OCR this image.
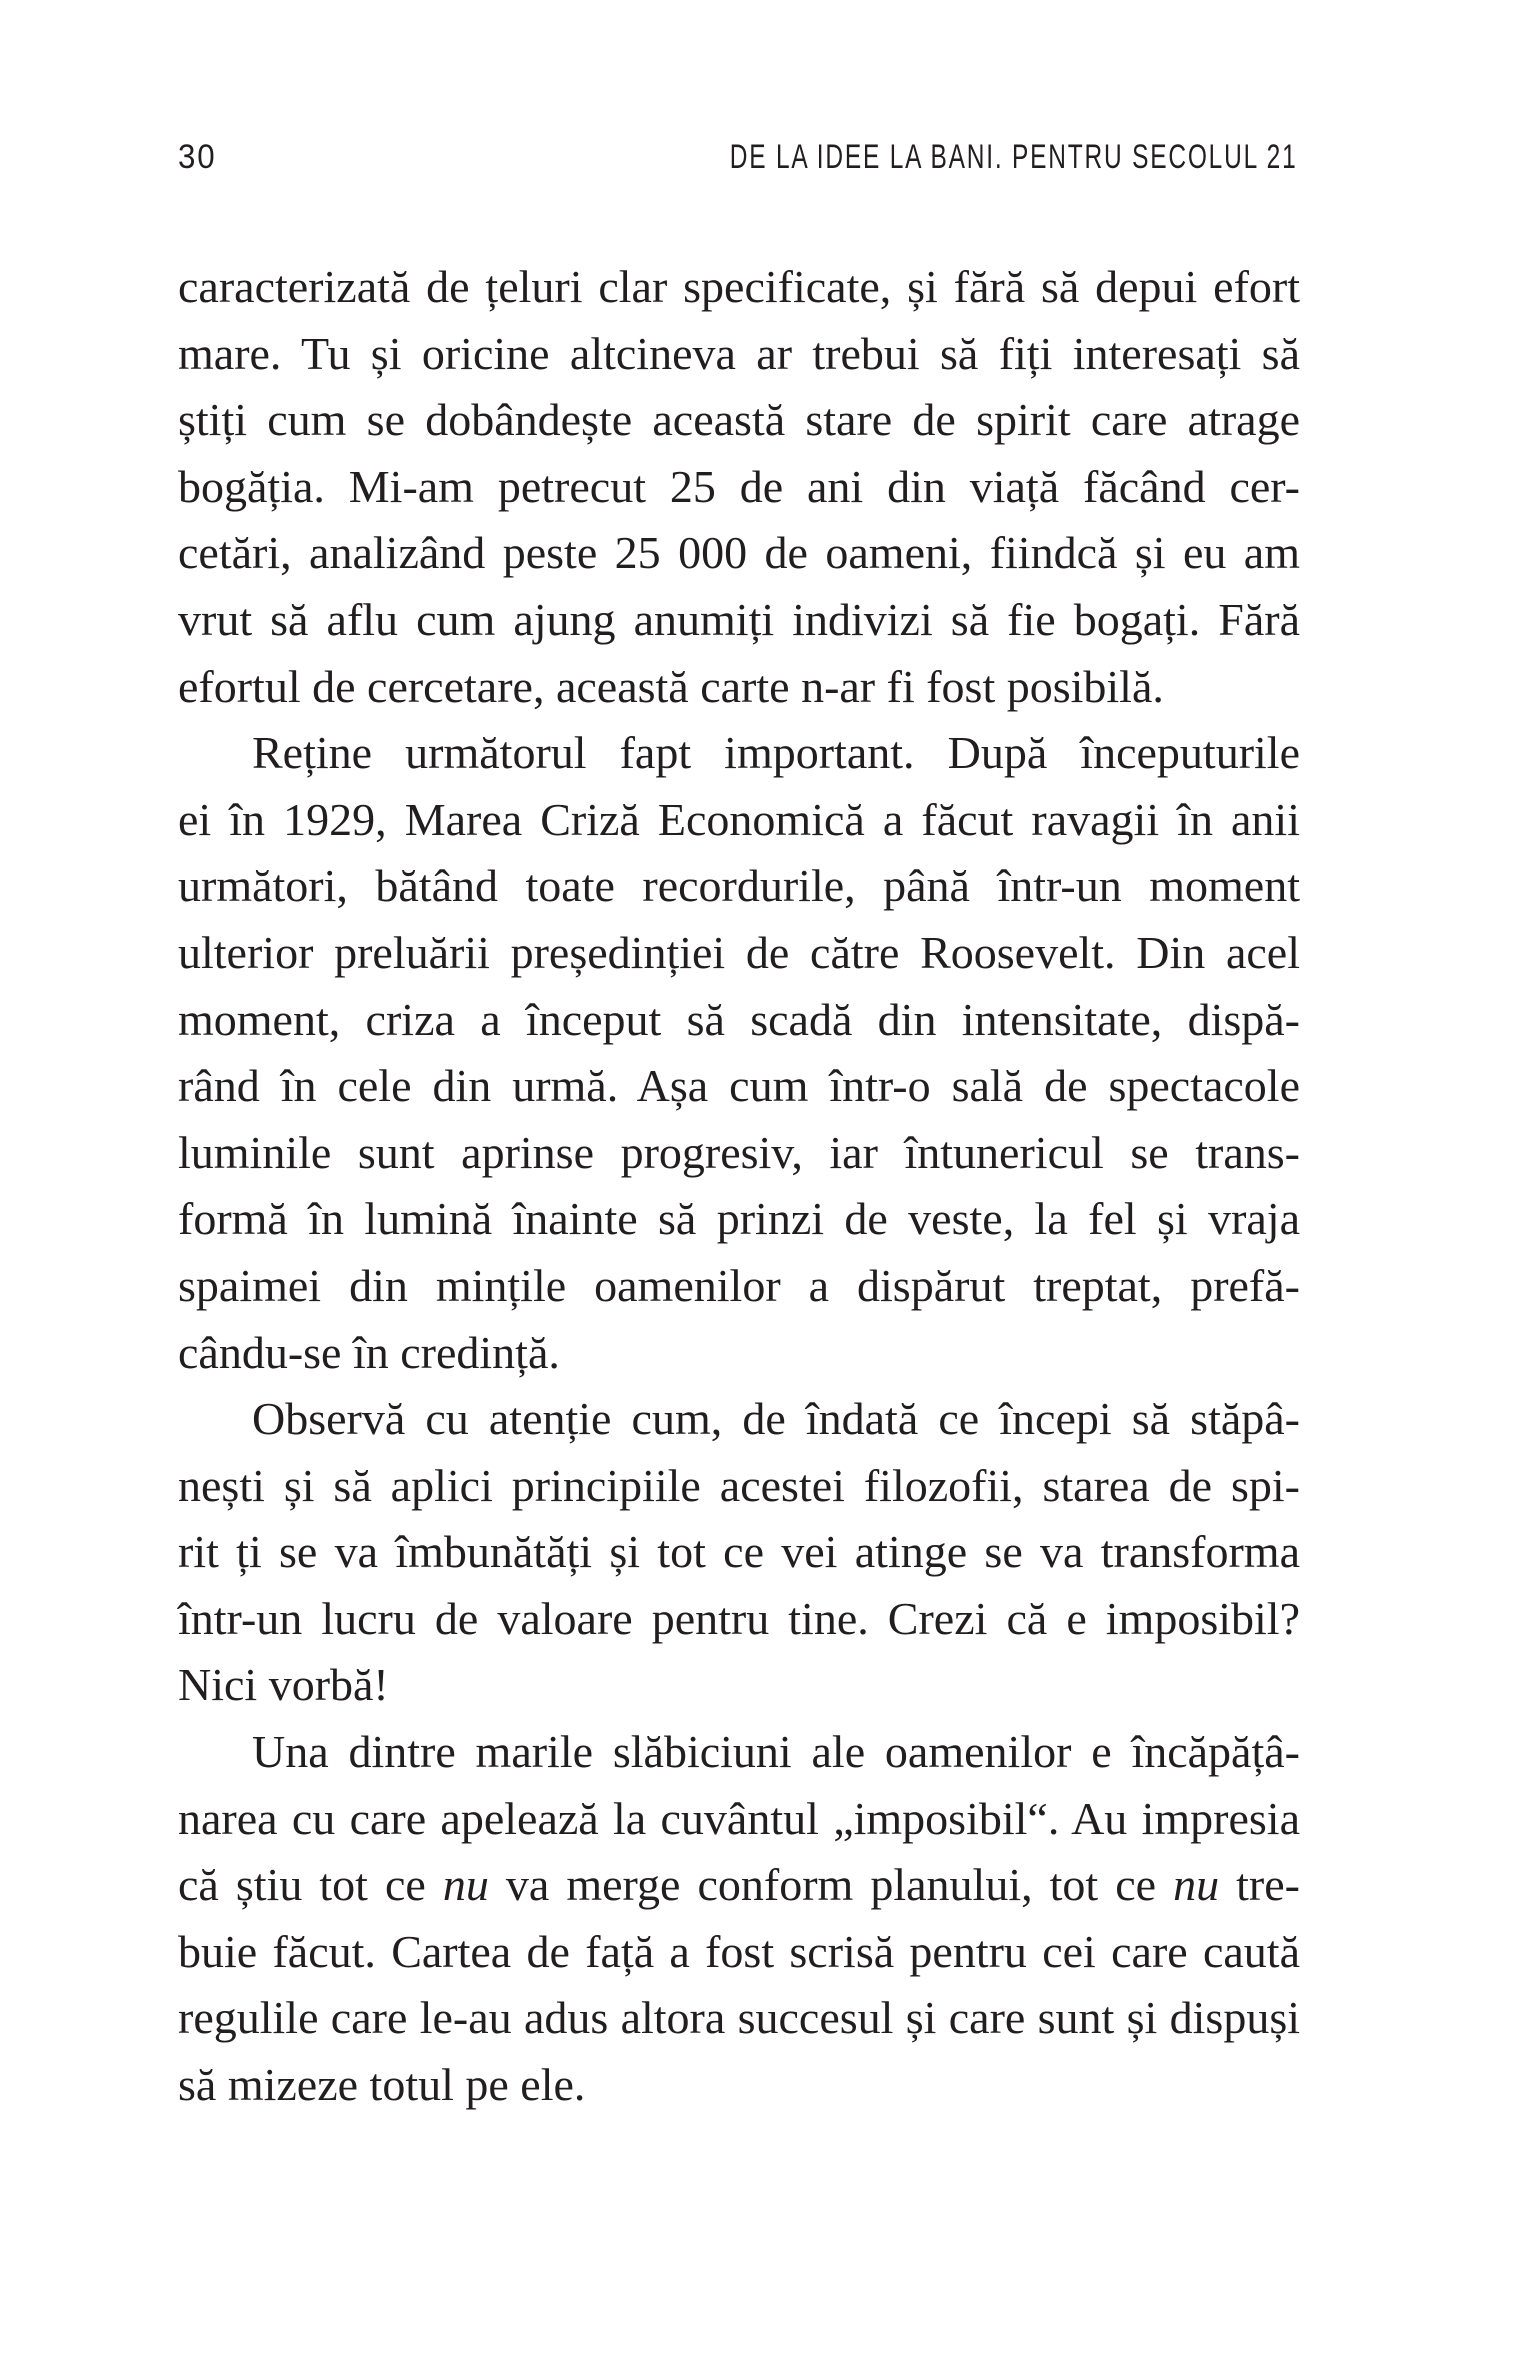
30	DE LA IDEE LA BANI. PENTRU SECOLUL 21
caracterizată de țeluri clar specificate, și fără să depui efort
mare. Tu și oricine altcineva ar trebui să fiți interesați să
știți cum se dobândește această stare de spirit care atrage
bogăția. Mi-am petrecut 25 de ani din viață făcând cer-
cetări, analizând peste 25 000 de oameni, fiindcă și eu am
vrut să aflu cum ajung anumiți indivizi să fie bogați. Fără
efortul de cercetare, această carte n-ar fi fost posibilă.
Reține următorul fapt important. După începuturile
ei în 1929, Marea Criză Economică a făcut ravagii în anii
următori, bătând toate recordurile, până într-un moment
ulterior preluării președinției de către Roosevelt. Din acel
moment, criza a început să scadă din intensitate, dispă-
rând în cele din urmă. Așa cum într-o sală de spectacole
luminile sunt aprinse progresiv, iar întunericul se trans-
formă în lumină înainte să prinzi de veste, la fel și vraja
spaimei din mințile oamenilor a dispărut treptat, prefă-
cându-se în credință.
Observă cu atenție cum, de îndată ce începi să stăpâ-
nești și să aplici principiile acestei filozofii, starea de spi-
rit ți se va îmbunătăți și tot ce vei atinge se va transforma
într-un lucru de valoare pentru tine. Crezi că e imposibil?
Nici vorbă!
Una dintre marile slăbiciuni ale oamenilor e încăpățâ-
narea cu care apelează la cuvântul „imposibil“. Au impresia
că știu tot ce nu va merge conform planului, tot ce nu tre-
buie făcut. Cartea de față a fost scrisă pentru cei care caută
regulile care le-au adus altora succesul și care sunt și dispuși
să mizeze totul pe ele.
